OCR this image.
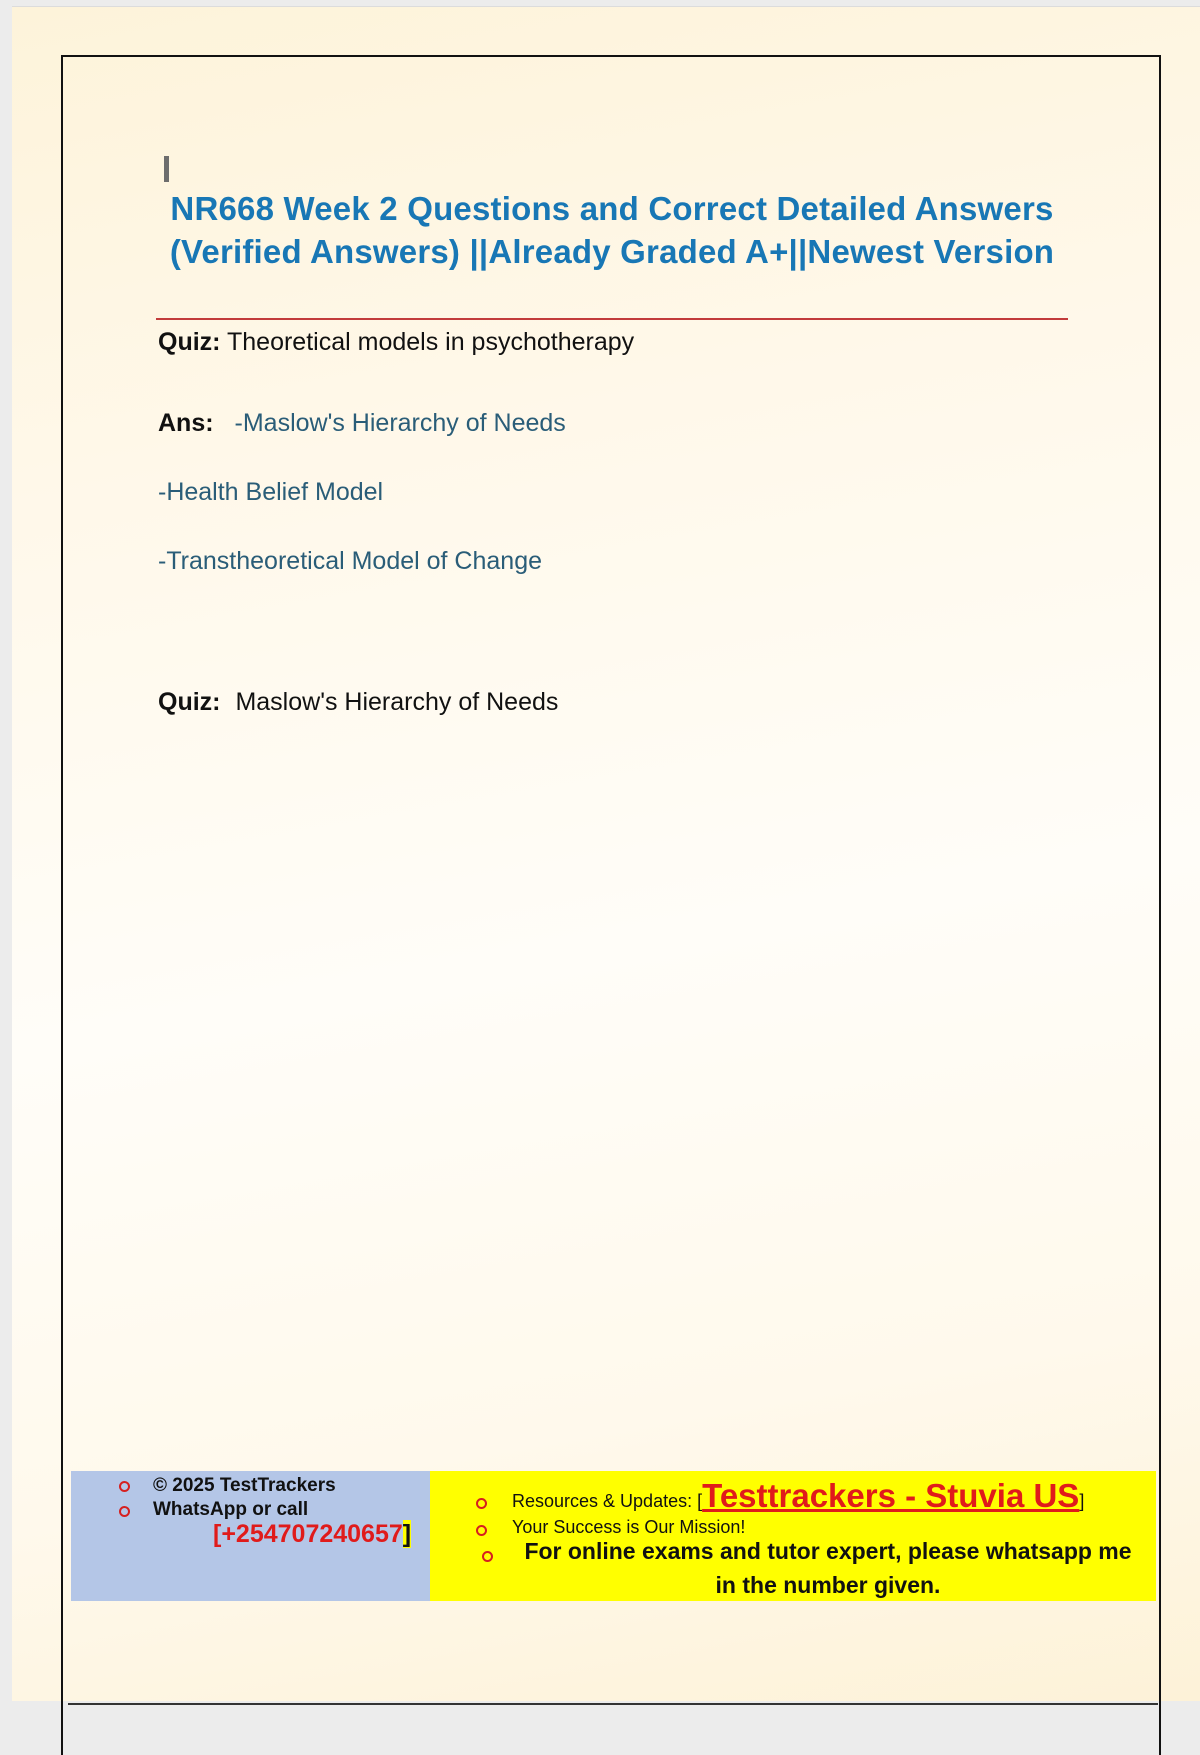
NR668 Week 2 Questions and Correct Detailed Answers (Verified Answers) ||Already Graded A+||Newest Version
Quiz: Theoretical models in psychotherapy
Ans: -Maslow's Hierarchy of Needs
-Health Belief Model
-Transtheoretical Model of Change
Quiz: Maslow's Hierarchy of Needs
© 2025 TestTrackers
WhatsApp or call
[+254707240657]
Resources & Updates: [Testtrackers - Stuvia US]
Your Success is Our Mission!
For online exams and tutor expert, please whatsapp me in the number given.
